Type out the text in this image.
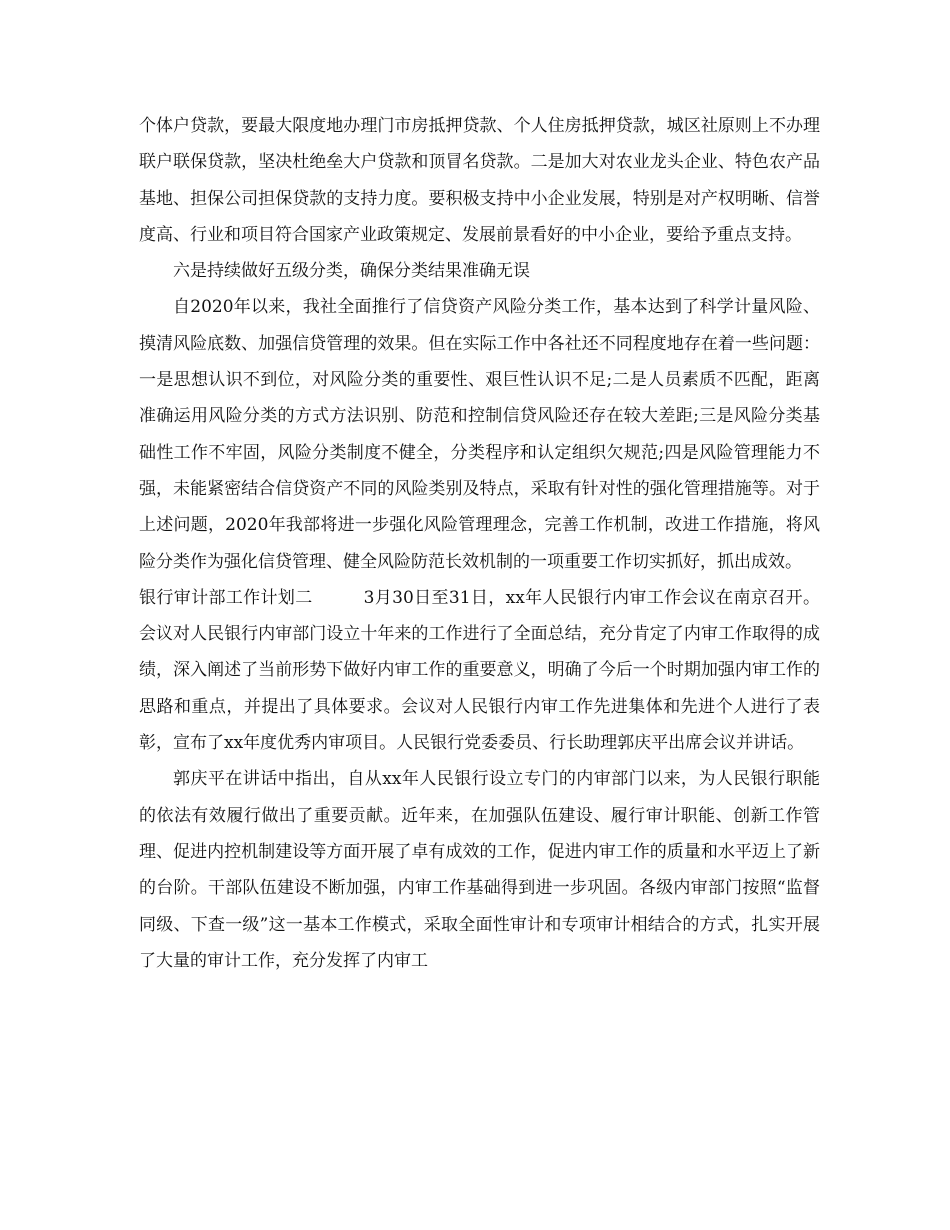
个体户贷款，要最大限度地办理门市房抵押贷款、个人住房抵押贷款，城区社原则上不办理联户联保贷款，坚决杜绝垒大户贷款和顶冒名贷款。二是加大对农业龙头企业、特色农产品基地、担保公司担保贷款的支持力度。要积极支持中小企业发展，特别是对产权明晰、信誉度高、行业和项目符合国家产业政策规定、发展前景看好的中小企业，要给予重点支持。

六是持续做好五级分类，确保分类结果准确无误

自2020年以来，我社全面推行了信贷资产风险分类工作，基本达到了科学计量风险、摸清风险底数、加强信贷管理的效果。但在实际工作中各社还不同程度地存在着一些问题：一是思想认识不到位，对风险分类的重要性、艰巨性认识不足;二是人员素质不匹配，距离准确运用风险分类的方式方法识别、防范和控制信贷风险还存在较大差距;三是风险分类基础性工作不牢固，风险分类制度不健全，分类程序和认定组织欠规范;四是风险管理能力不强，未能紧密结合信贷资产不同的风险类别及特点，采取有针对性的强化管理措施等。对于上述问题，2020年我部将进一步强化风险管理理念，完善工作机制，改进工作措施，将风险分类作为强化信贷管理、健全风险防范长效机制的一项重要工作切实抓好，抓出成效。

银行审计部工作计划二	3月30日至31日，xx年人民银行内审工作会议在南京召开。会议对人民银行内审部门设立十年来的工作进行了全面总结，充分肯定了内审工作取得的成绩，深入阐述了当前形势下做好内审工作的重要意义，明确了今后一个时期加强内审工作的思路和重点，并提出了具体要求。会议对人民银行内审工作先进集体和先进个人进行了表彰，宣布了xx年度优秀内审项目。人民银行党委委员、行长助理郭庆平出席会议并讲话。

郭庆平在讲话中指出，自从xx年人民银行设立专门的内审部门以来，为人民银行职能的依法有效履行做出了重要贡献。近年来，在加强队伍建设、履行审计职能、创新工作管理、促进内控机制建设等方面开展了卓有成效的工作，促进内审工作的质量和水平迈上了新的台阶。干部队伍建设不断加强，内审工作基础得到进一步巩固。各级内审部门按照“监督同级、下查一级”这一基本工作模式，采取全面性审计和专项审计相结合的方式，扎实开展了大量的审计工作，充分发挥了内审工
